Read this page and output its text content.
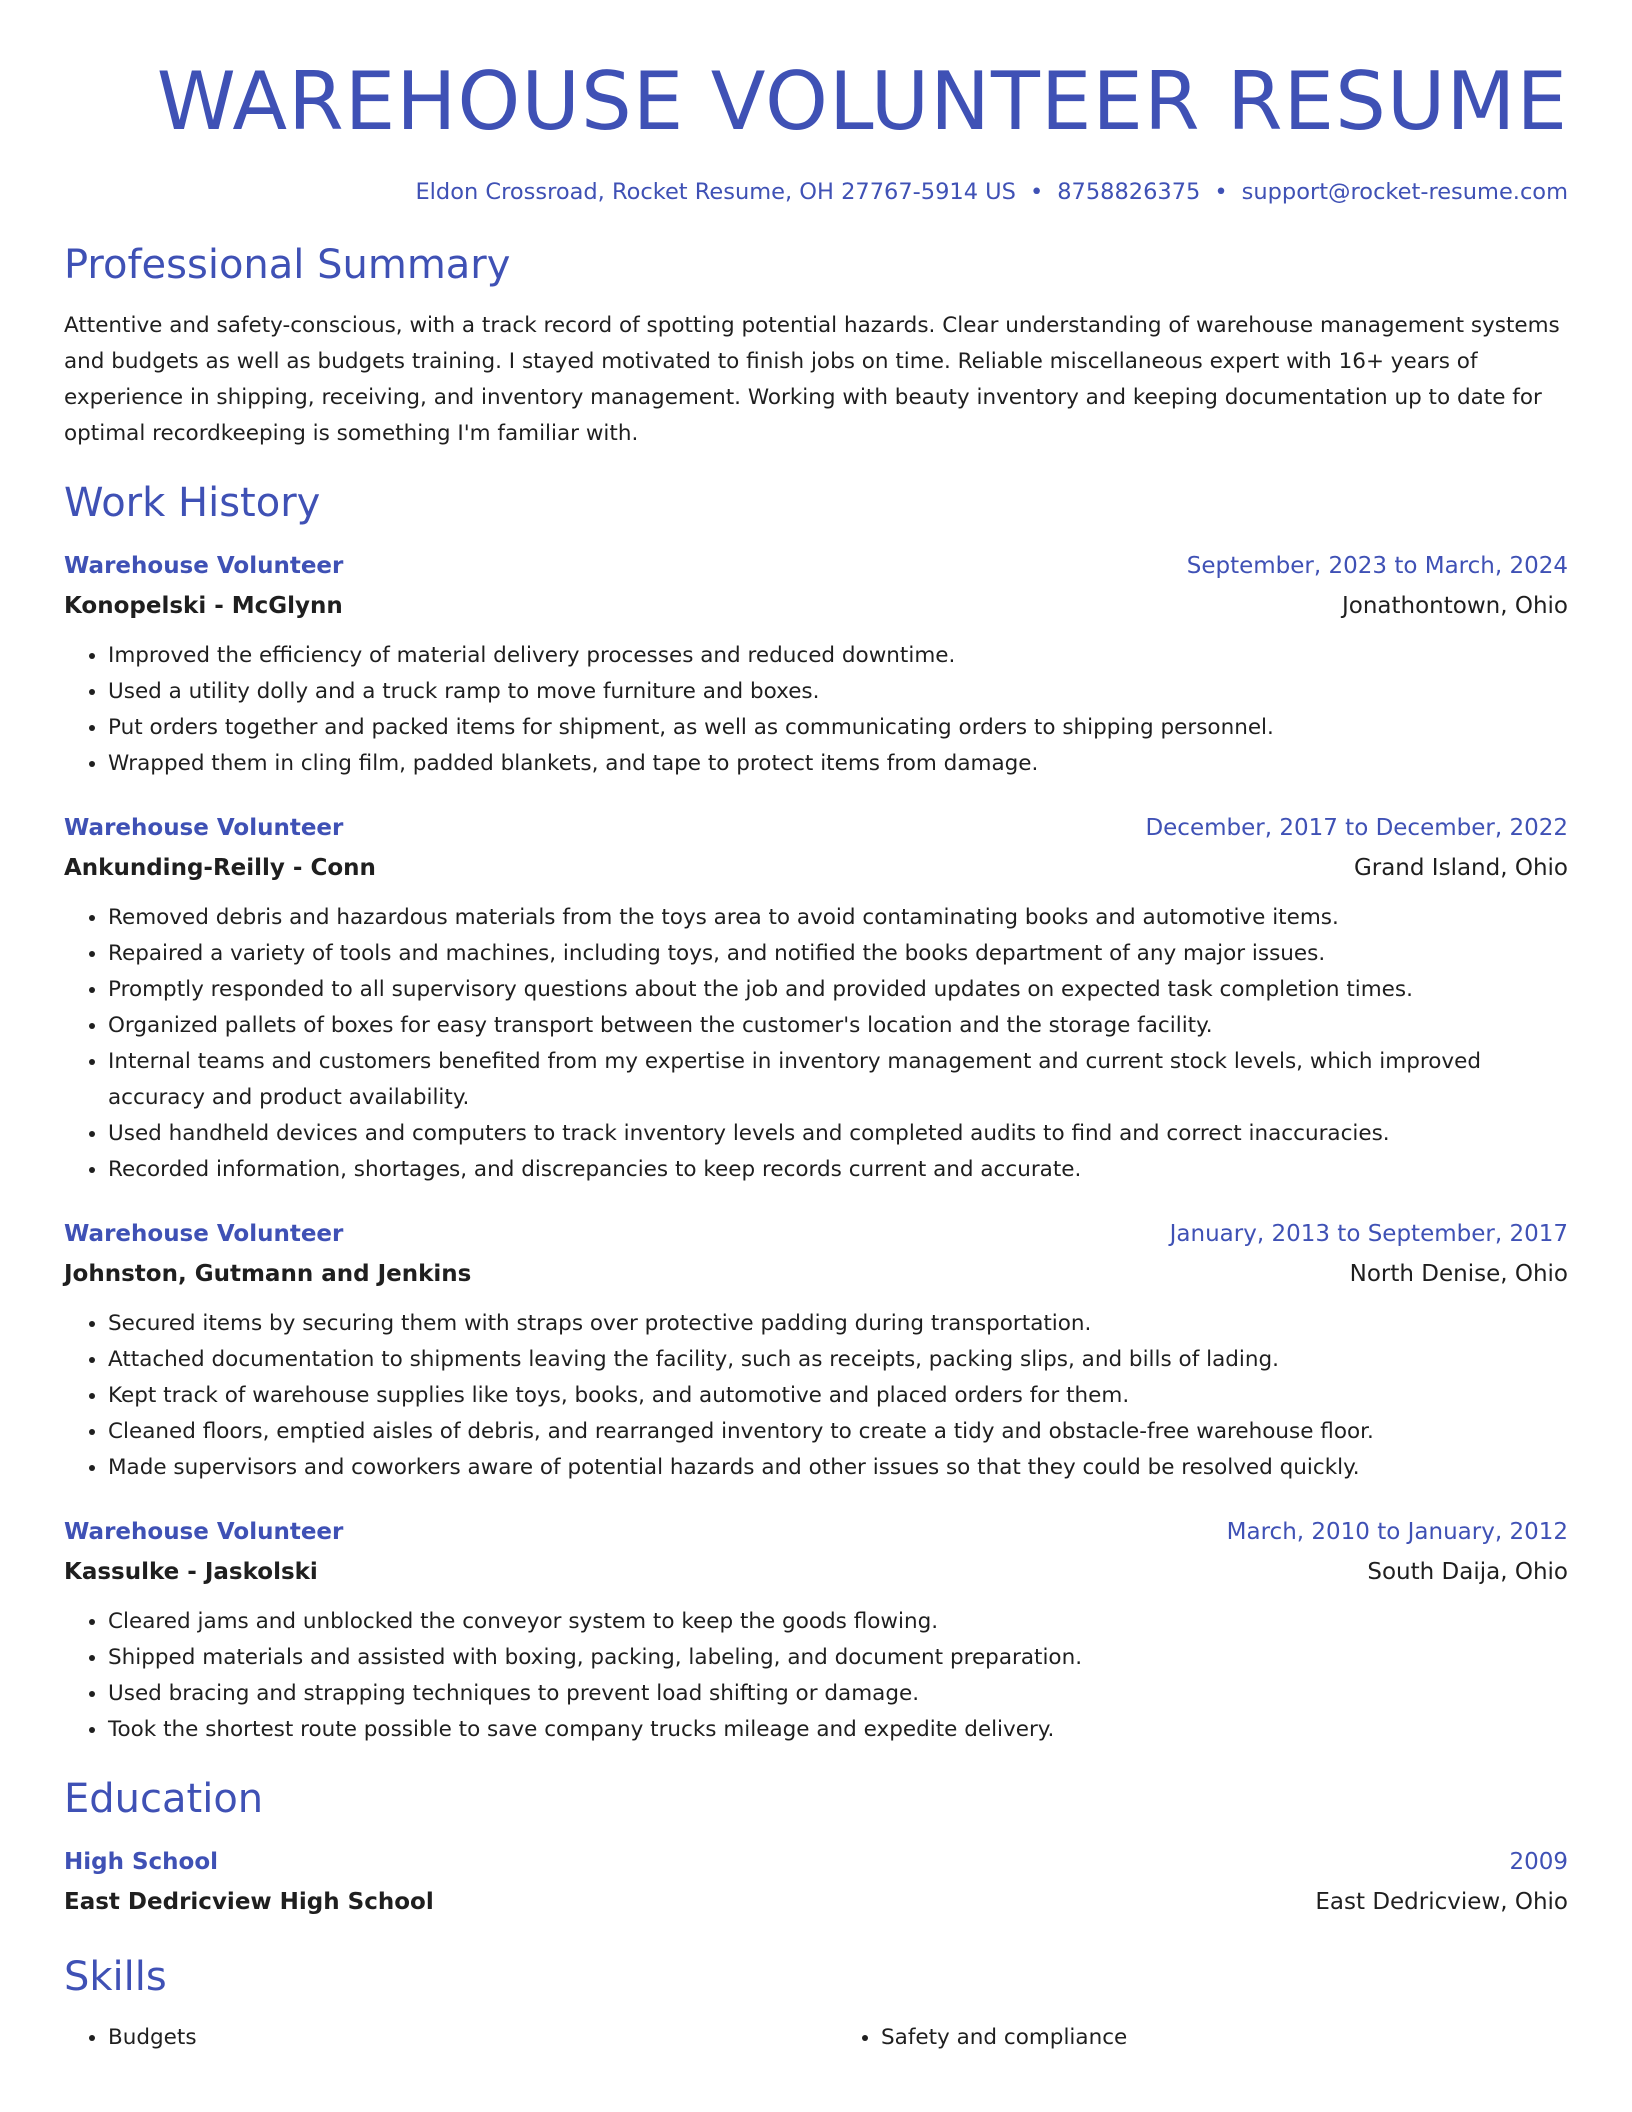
WAREHOUSE VOLUNTEER RESUME
Eldon Crossroad, Rocket Resume, OH 27767-5914 US • 8758826375 • support@rocket-resume.com
Professional Summary

Attentive and safety-conscious, with a track record of spotting potential hazards. Clear understanding of warehouse management systems and budgets as well as budgets training. I stayed motivated to finish jobs on time. Reliable miscellaneous expert with 16+ years of experience in shipping, receiving, and inventory management. Working with beauty inventory and keeping documentation up to date for optimal recordkeeping is something I'm familiar with.

Work History
Warehouse Volunteer	September, 2023 to March, 2024
Konopelski - McGlynn	Jonathontown, Ohio
• Improved the efficiency of material delivery processes and reduced downtime.
• Used a utility dolly and a truck ramp to move furniture and boxes.
• Put orders together and packed items for shipment, as well as communicating orders to shipping personnel.
• Wrapped them in cling film, padded blankets, and tape to protect items from damage.
Warehouse Volunteer	December, 2017 to December, 2022
Ankunding-Reilly - Conn	Grand Island, Ohio
• Removed debris and hazardous materials from the toys area to avoid contaminating books and automotive items.
• Repaired a variety of tools and machines, including toys, and notified the books department of any major issues.
• Promptly responded to all supervisory questions about the job and provided updates on expected task completion times.
• Organized pallets of boxes for easy transport between the customer's location and the storage facility.
• Internal teams and customers benefited from my expertise in inventory management and current stock levels, which improved accuracy and product availability.
• Used handheld devices and computers to track inventory levels and completed audits to find and correct inaccuracies.
• Recorded information, shortages, and discrepancies to keep records current and accurate.
Warehouse Volunteer	January, 2013 to September, 2017
Johnston, Gutmann and Jenkins	North Denise, Ohio
• Secured items by securing them with straps over protective padding during transportation.
• Attached documentation to shipments leaving the facility, such as receipts, packing slips, and bills of lading.
• Kept track of warehouse supplies like toys, books, and automotive and placed orders for them.
• Cleaned floors, emptied aisles of debris, and rearranged inventory to create a tidy and obstacle-free warehouse floor.
• Made supervisors and coworkers aware of potential hazards and other issues so that they could be resolved quickly.
Warehouse Volunteer	March, 2010 to January, 2012
Kassulke - Jaskolski	South Daija, Ohio
• Cleared jams and unblocked the conveyor system to keep the goods flowing.
• Shipped materials and assisted with boxing, packing, labeling, and document preparation.
• Used bracing and strapping techniques to prevent load shifting or damage.
• Took the shortest route possible to save company trucks mileage and expedite delivery.
Education
High School	2009
East Dedricview High School	East Dedricview, Ohio
Skills
• Budgets
•	Safety and compliance
